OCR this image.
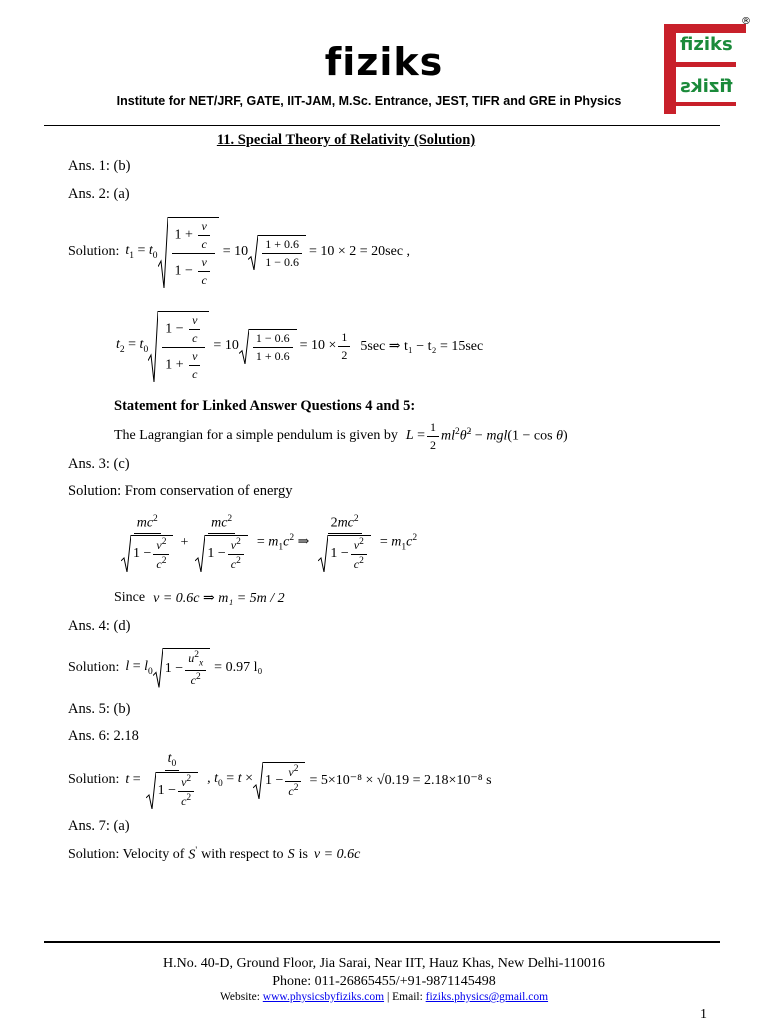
fiziks
Institute for NET/JRF, GATE, IIT-JAM, M.Sc. Entrance, JEST, TIFR and GRE in Physics
fiziks
fiziks
®
11. Special Theory of Relativity (Solution)
Ans. 1: (b)
Ans. 2: (a)
Solution: $t_1 = t_0 \frac{1 + \frac{v}{c}}{1 - \frac{v}{c}} = 10 \frac{1 + 0.6}{1 - 0.6} = 10 \times 2 = 20\sec$ ,
$t_2 = t_0 \frac{1 - \frac{v}{c}}{1 + \frac{v}{c}} = 10 \frac{1 - 0.6}{1 + 0.6} = 10 \times \frac{1}{2} 5\sec$ ⇒ t₁ − t₂ = 15sec
Statement for Linked Answer Questions 4 and 5:
The Lagrangian for a simple pendulum is given by $L = \frac{1}{2}$ $ml^2\thetȧ^2 - mgl(1 - \cos \theta)$
Ans. 3: (c)
Solution: From conservation of energy
$\frac{mc^2}{1 - \frac{v^2}{c^2}} + \frac{mc^2}{1 - \frac{v^2}{c^2}} = m_1c^2$ ⇒ $\frac{2mc^2}{1 - \frac{v^2}{c^2}} = m_1c^2$
Since v = 0.6c ⇒ m₁ = 5m / 2
Ans. 4: (d)
Solution: $l = l_0$ $1 - \frac{u^2_x}{c^2} = 0.97$ l₀
Ans. 5: (b)
Ans. 6: 2.18
Solution: $t = \frac{t_0}{1 - \frac{v^2}{c^2}}$ , $t_0 = t \times 1 - \frac{v^2}{c^2} = 5\times 10^{-8} \times √0.19 = 2.18\times 10^{-8}$ s
Ans. 7: (a)
Solution: Velocity of S' with respect to S is v = 0.6c
H.No. 40-D, Ground Floor, Jia Sarai, Near IIT, Hauz Khas, New Delhi-110016
Phone: 011-26865455/+91-9871145498
Website: www.physicsbyfiziks.com | Email: fiziks.physics@gmail.com
1
